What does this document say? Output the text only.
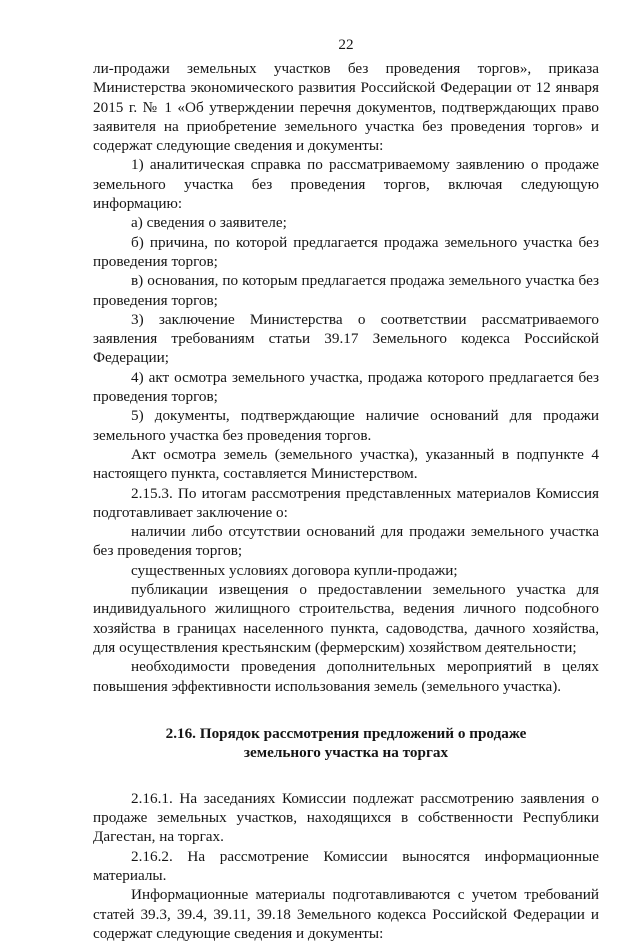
22

ли-продажи земельных участков без проведения торгов», приказа Министерства экономического развития Российской Федерации от 12 января 2015 г. № 1 «Об утверждении перечня документов, подтверждающих право заявителя на приобретение земельного участка без проведения торгов» и содержат следующие сведения и документы:

1) аналитическая справка по рассматриваемому заявлению о продаже земельного участка без проведения торгов, включая следующую информацию:

а) сведения о заявителе;

б) причина, по которой предлагается продажа земельного участка без проведения торгов;

в) основания, по которым предлагается продажа земельного участка без проведения торгов;

3) заключение Министерства о соответствии рассматриваемого заявления требованиям статьи 39.17 Земельного кодекса Российской Федерации;

4) акт осмотра земельного участка, продажа которого предлагается без проведения торгов;

5) документы, подтверждающие наличие оснований для продажи земельного участка без проведения торгов.

Акт осмотра земель (земельного участка), указанный в подпункте 4 настоящего пункта, составляется Министерством.

2.15.3. По итогам рассмотрения представленных материалов Комиссия подготавливает заключение о:

наличии либо отсутствии оснований для продажи земельного участка без проведения торгов;

существенных условиях договора купли-продажи;

публикации извещения о предоставлении земельного участка для индивидуального жилищного строительства, ведения личного подсобного хозяйства в границах населенного пункта, садоводства, дачного хозяйства, для осуществления крестьянским (фермерским) хозяйством деятельности;

необходимости проведения дополнительных мероприятий в целях повышения эффективности использования земель (земельного участка).

2.16. Порядок рассмотрения предложений о продаже
земельного участка на торгах

2.16.1. На заседаниях Комиссии подлежат рассмотрению заявления о продаже земельных участков, находящихся в собственности Республики Дагестан, на торгах.

2.16.2. На рассмотрение Комиссии выносятся информационные материалы.

Информационные материалы подготавливаются с учетом требований статей 39.3, 39.4, 39.11, 39.18 Земельного кодекса Российской Федерации и содержат следующие сведения и документы:
